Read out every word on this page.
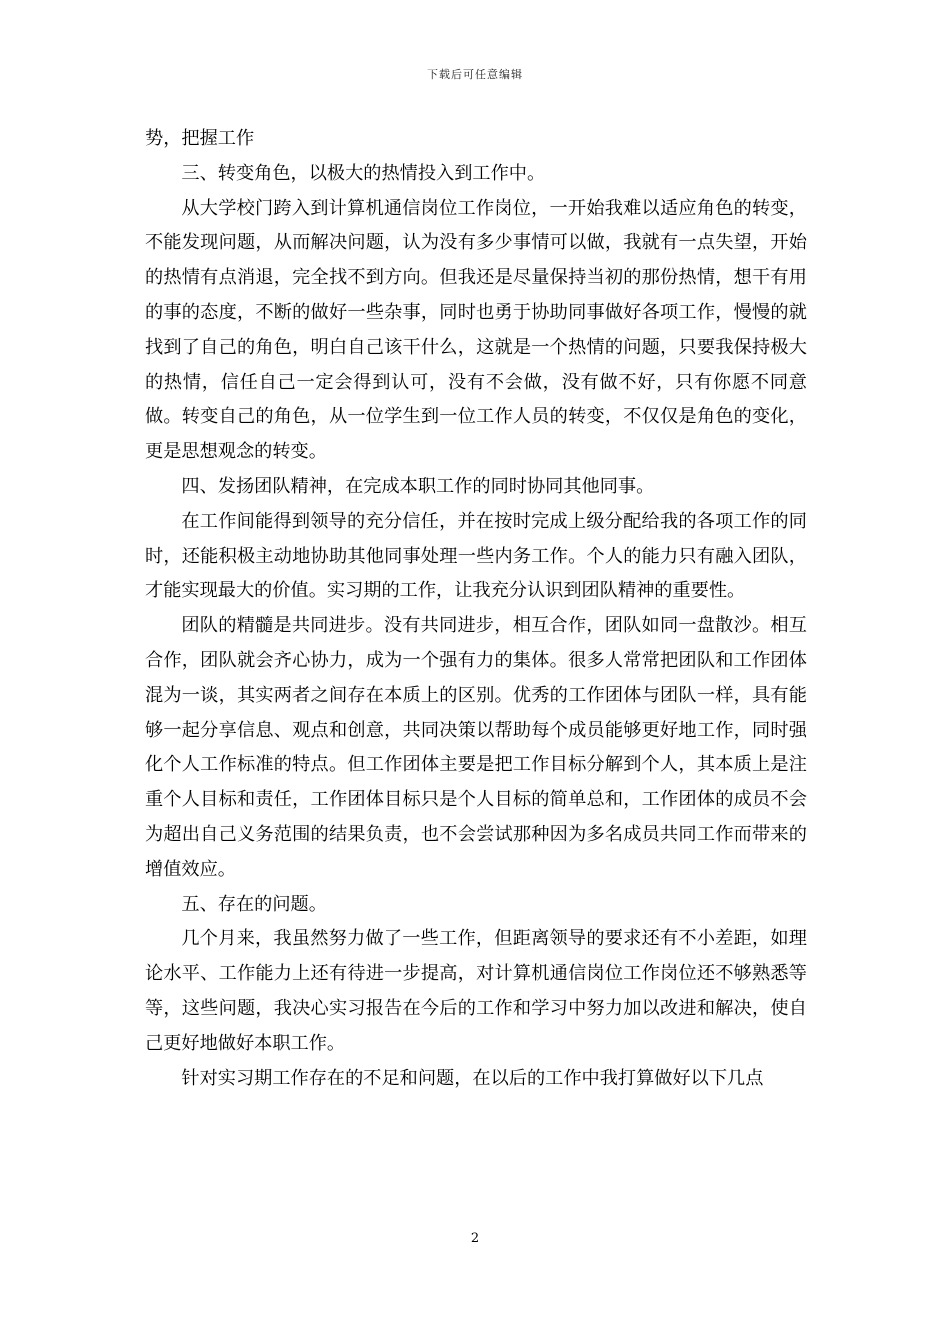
下载后可任意编辑

势，把握工作

三、转变角色，以极大的热情投入到工作中。

从大学校门跨入到计算机通信岗位工作岗位，一开始我难以适应角色的转变，不能发现问题，从而解决问题，认为没有多少事情可以做，我就有一点失望，开始的热情有点消退，完全找不到方向。但我还是尽量保持当初的那份热情，想干有用的事的态度，不断的做好一些杂事，同时也勇于协助同事做好各项工作，慢慢的就找到了自己的角色，明白自己该干什么，这就是一个热情的问题，只要我保持极大的热情，信任自己一定会得到认可，没有不会做，没有做不好，只有你愿不同意做。转变自己的角色，从一位学生到一位工作人员的转变，不仅仅是角色的变化，更是思想观念的转变。

四、发扬团队精神，在完成本职工作的同时协同其他同事。

在工作间能得到领导的充分信任，并在按时完成上级分配给我的各项工作的同时，还能积极主动地协助其他同事处理一些内务工作。个人的能力只有融入团队，才能实现最大的价值。实习期的工作，让我充分认识到团队精神的重要性。

团队的精髓是共同进步。没有共同进步，相互合作，团队如同一盘散沙。相互合作，团队就会齐心协力，成为一个强有力的集体。很多人常常把团队和工作团体混为一谈，其实两者之间存在本质上的区别。优秀的工作团体与团队一样，具有能够一起分享信息、观点和创意，共同决策以帮助每个成员能够更好地工作，同时强化个人工作标准的特点。但工作团体主要是把工作目标分解到个人，其本质上是注重个人目标和责任，工作团体目标只是个人目标的简单总和，工作团体的成员不会为超出自己义务范围的结果负责，也不会尝试那种因为多名成员共同工作而带来的增值效应。

五、存在的问题。

几个月来，我虽然努力做了一些工作，但距离领导的要求还有不小差距，如理论水平、工作能力上还有待进一步提高，对计算机通信岗位工作岗位还不够熟悉等等，这些问题，我决心实习报告在今后的工作和学习中努力加以改进和解决，使自己更好地做好本职工作。

针对实习期工作存在的不足和问题，在以后的工作中我打算做好以下几点

2
